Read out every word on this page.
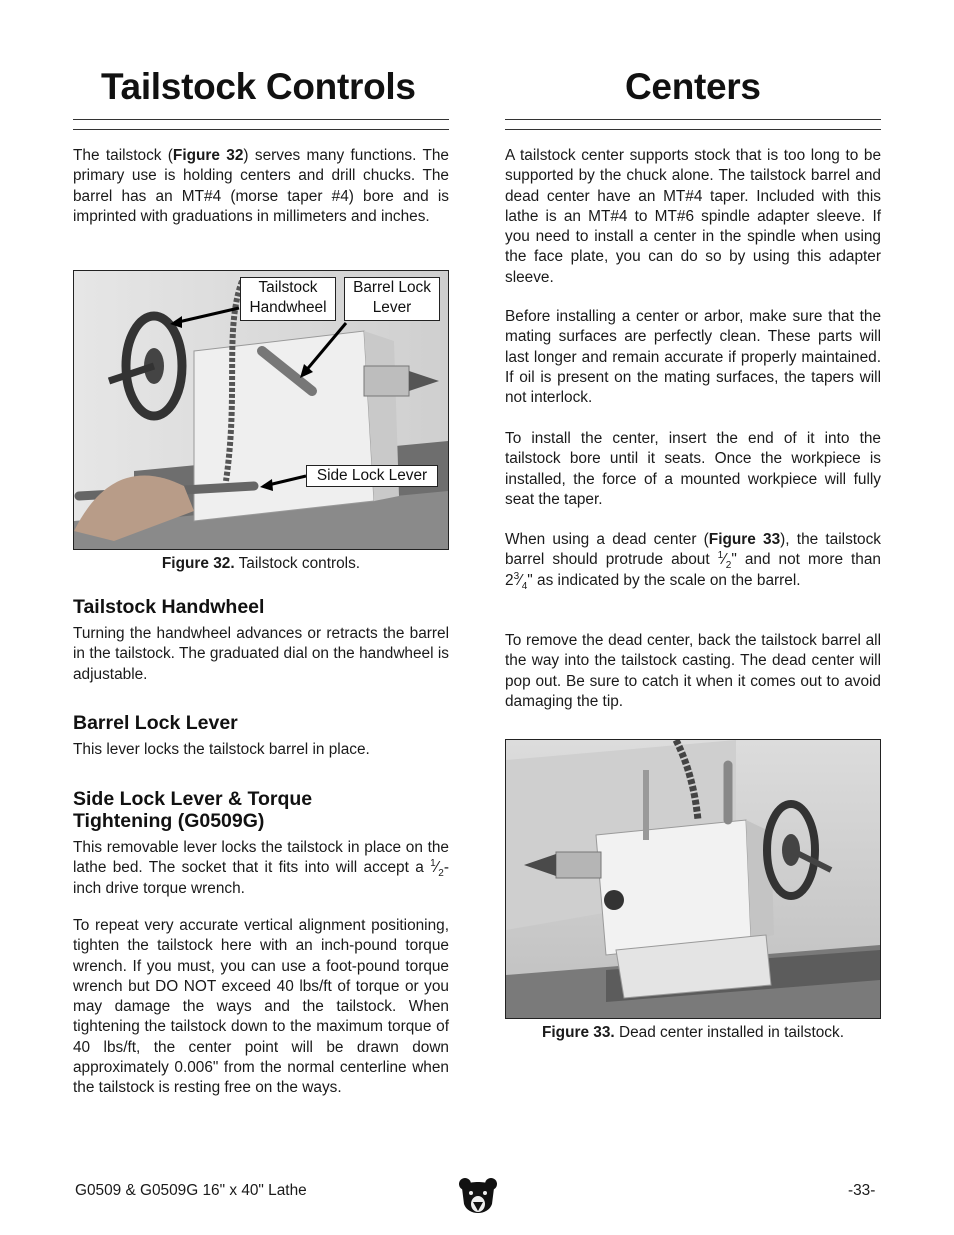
Tailstock Controls

The tailstock (Figure 32) serves many functions. The primary use is holding centers and drill chucks. The barrel has an MT#4 (morse taper #4) bore and is imprinted with graduations in millimeters and inches.

Tailstock
Handwheel
Barrel Lock
Lever
Side Lock Lever

Figure 32. Tailstock controls.

Tailstock Handwheel

Turning the handwheel advances or retracts the barrel in the tailstock. The graduated dial on the handwheel is adjustable.

Barrel Lock Lever

This lever locks the tailstock barrel in place.

Side Lock Lever & Torque
Tightening (G0509G)

This removable lever locks the tailstock in place on the lathe bed. The socket that it fits into will accept a $^1⁄_2$-inch drive torque wrench.

To repeat very accurate vertical alignment positioning, tighten the tailstock here with an inch-pound torque wrench. If you must, you can use a foot-pound torque wrench but DO NOT exceed 40 lbs/ft of torque or you may damage the ways and the tailstock. When tightening the tailstock down to the maximum torque of 40 lbs/ft, the center point will be drawn down approximately 0.006" from the normal centerline when the tailstock is resting free on the ways.

Centers

A tailstock center supports stock that is too long to be supported by the chuck alone. The tailstock barrel and dead center have an MT#4 taper. Included with this lathe is an MT#4 to MT#6 spindle adapter sleeve. If you need to install a center in the spindle when using the face plate, you can do so by using this adapter sleeve.

Before installing a center or arbor, make sure that the mating surfaces are perfectly clean. These parts will last longer and remain accurate if properly maintained. If oil is present on the mating surfaces, the tapers will not interlock.

To install the center, insert the end of it into the tailstock bore until it seats. Once the workpiece is installed, the force of a mounted workpiece will fully seat the taper.

When using a dead center (Figure 33), the tailstock barrel should protrude about $^1⁄_2$" and not more than $2^3⁄_4$" as indicated by the scale on the barrel.

To remove the dead center, back the tailstock barrel all the way into the tailstock casting. The dead center will pop out. Be sure to catch it when it comes out to avoid damaging the tip.

Figure 33. Dead center installed in tailstock.

G0509 & G0509G 16" x 40" Lathe	-33-
